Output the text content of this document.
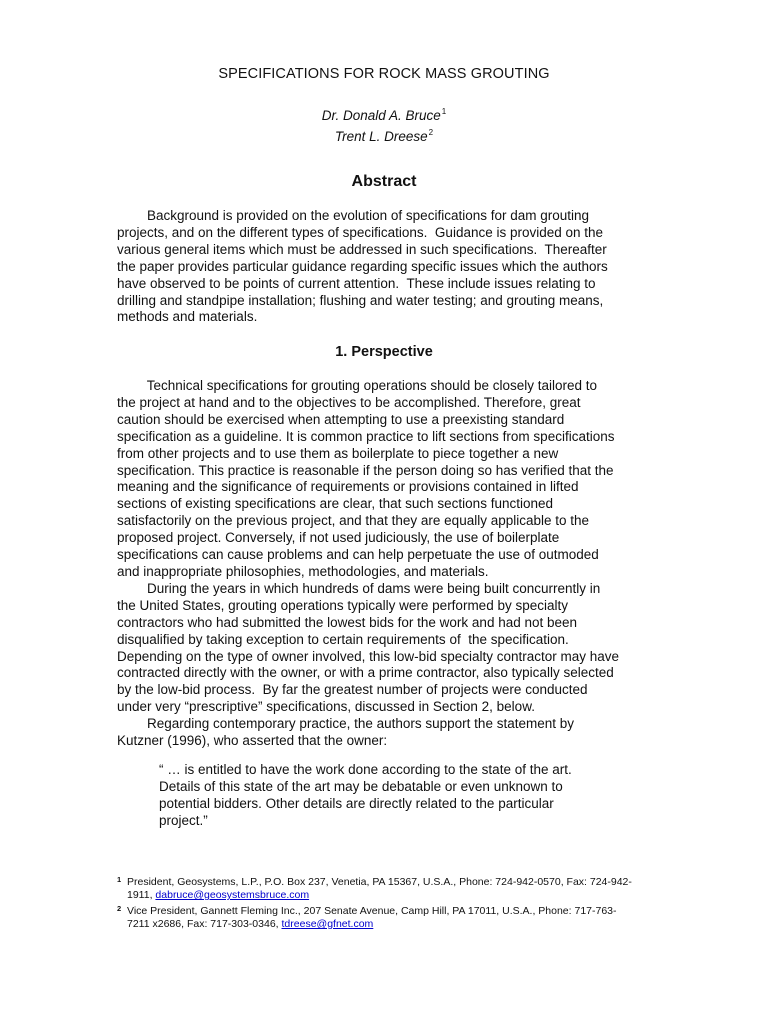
SPECIFICATIONS FOR ROCK MASS GROUTING
Dr. Donald A. Bruce$^1$
Trent L. Dreese$^2$
Abstract
Background is provided on the evolution of specifications for dam grouting
projects, and on the different types of specifications.  Guidance is provided on the
various general items which must be addressed in such specifications.  Thereafter
the paper provides particular guidance regarding specific issues which the authors
have observed to be points of current attention.  These include issues relating to
drilling and standpipe installation; flushing and water testing; and grouting means,
methods and materials.
1. Perspective
Technical specifications for grouting operations should be closely tailored to
the project at hand and to the objectives to be accomplished. Therefore, great
caution should be exercised when attempting to use a preexisting standard
specification as a guideline. It is common practice to lift sections from specifications
from other projects and to use them as boilerplate to piece together a new
specification. This practice is reasonable if the person doing so has verified that the
meaning and the significance of requirements or provisions contained in lifted
sections of existing specifications are clear, that such sections functioned
satisfactorily on the previous project, and that they are equally applicable to the
proposed project. Conversely, if not used judiciously, the use of boilerplate
specifications can cause problems and can help perpetuate the use of outmoded
and inappropriate philosophies, methodologies, and materials.
During the years in which hundreds of dams were being built concurrently in
the United States, grouting operations typically were performed by specialty
contractors who had submitted the lowest bids for the work and had not been
disqualified by taking exception to certain requirements of  the specification.
Depending on the type of owner involved, this low-bid specialty contractor may have
contracted directly with the owner, or with a prime contractor, also typically selected
by the low-bid process.  By far the greatest number of projects were conducted
under very “prescriptive” specifications, discussed in Section 2, below.
Regarding contemporary practice, the authors support the statement by
Kutzner (1996), who asserted that the owner:
“ … is entitled to have the work done according to the state of the art.
Details of this state of the art may be debatable or even unknown to
potential bidders. Other details are directly related to the particular
project.”
1 President, Geosystems, L.P., P.O. Box 237, Venetia, PA 15367, U.S.A., Phone: 724-942-0570, Fax: 724-942-
1911, dabruce@geosystemsbruce.com
2 Vice President, Gannett Fleming Inc., 207 Senate Avenue, Camp Hill, PA 17011, U.S.A., Phone: 717-763-
7211 x2686, Fax: 717-303-0346, tdreese@gfnet.com
